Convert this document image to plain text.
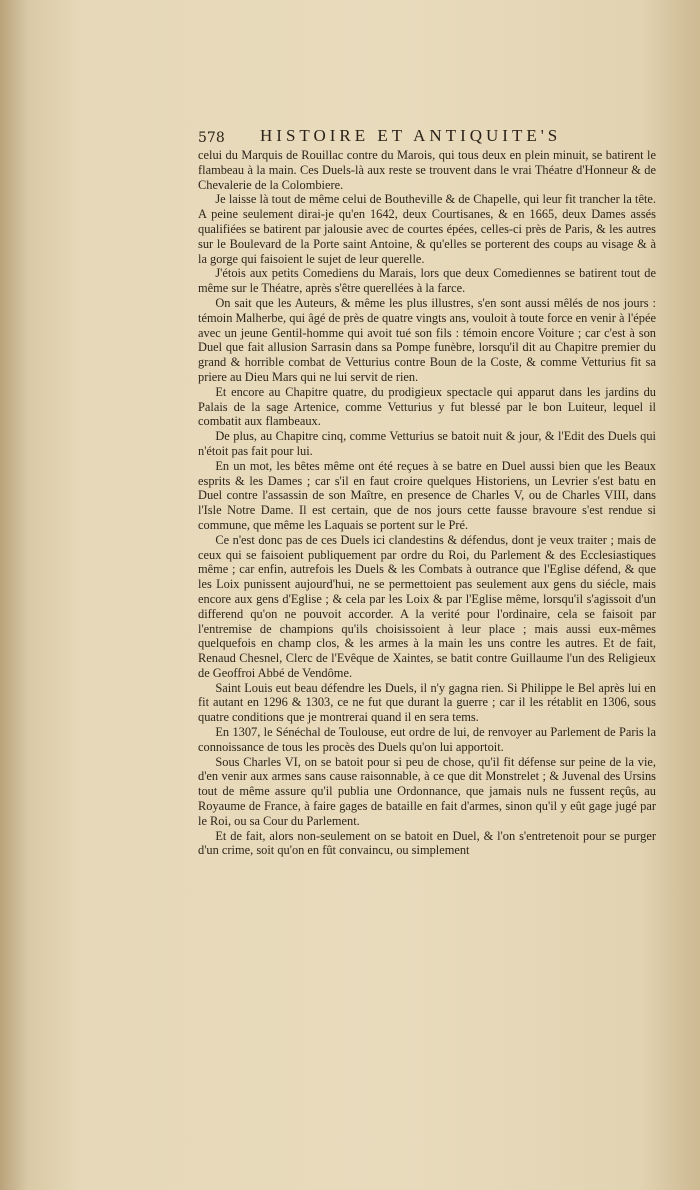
578 HISTOIRE ET ANTIQUITE'S

celui du Marquis de Rouillac contre du Marois, qui tous deux en plein minuit, se batirent le flambeau à la main. Ces Duels-là aux reste se trouvent dans le vrai Théatre d'Honneur & de Chevalerie de la Colombiere.

Je laisse là tout de même celui de Boutheville & de Chapelle, qui leur fit trancher la tête. A peine seulement dirai-je qu'en 1642, deux Courtisanes, & en 1665, deux Dames assés qualifiées se batirent par jalousie avec de courtes épées, celles-ci près de Paris, & les autres sur le Boulevard de la Porte saint Antoine, & qu'elles se porterent des coups au visage & à la gorge qui faisoient le sujet de leur querelle.

J'étois aux petits Comediens du Marais, lors que deux Comediennes se batirent tout de même sur le Théatre, après s'être querellées à la farce.

On sait que les Auteurs, & même les plus illustres, s'en sont aussi mêlés de nos jours : témoin Malherbe, qui âgé de près de quatre vingts ans, vouloit à toute force en venir à l'épée avec un jeune Gentil-homme qui avoit tué son fils : témoin encore Voiture ; car c'est à son Duel que fait allusion Sarrasin dans sa Pompe funèbre, lorsqu'il dit au Chapitre premier du grand & horrible combat de Vetturius contre Boun de la Coste, & comme Vetturius fit sa priere au Dieu Mars qui ne lui servit de rien.

Et encore au Chapitre quatre, du prodigieux spectacle qui apparut dans les jardins du Palais de la sage Artenice, comme Vetturius y fut blessé par le bon Luiteur, lequel il combatit aux flambeaux.

De plus, au Chapitre cinq, comme Vetturius se batoit nuit & jour, & l'Edit des Duels qui n'étoit pas fait pour lui.

En un mot, les bêtes même ont été reçues à se batre en Duel aussi bien que les Beaux esprits & les Dames ; car s'il en faut croire quelques Historiens, un Levrier s'est batu en Duel contre l'assassin de son Maître, en presence de Charles V, ou de Charles VIII, dans l'Isle Notre Dame. Il est certain, que de nos jours cette fausse bravoure s'est rendue si commune, que même les Laquais se portent sur le Pré.

Ce n'est donc pas de ces Duels ici clandestins & défendus, dont je veux traiter ; mais de ceux qui se faisoient publiquement par ordre du Roi, du Parlement & des Ecclesiastiques même ; car enfin, autrefois les Duels & les Combats à outrance que l'Eglise défend, & que les Loix punissent aujourd'hui, ne se permettoient pas seulement aux gens du siécle, mais encore aux gens d'Eglise ; & cela par les Loix & par l'Eglise même, lorsqu'il s'agissoit d'un differend qu'on ne pouvoit accorder. A la verité pour l'ordinaire, cela se faisoit par l'entremise de champions qu'ils choisissoient à leur place ; mais aussi eux-mêmes quelquefois en champ clos, & les armes à la main les uns contre les autres. Et de fait, Renaud Chesnel, Clerc de l'Evêque de Xaintes, se batit contre Guillaume l'un des Religieux de Geoffroi Abbé de Vendôme.

Saint Louis eut beau défendre les Duels, il n'y gagna rien. Si Philippe le Bel après lui en fit autant en 1296 & 1303, ce ne fut que durant la guerre ; car il les rétablit en 1306, sous quatre conditions que je montrerai quand il en sera tems.

En 1307, le Sénéchal de Toulouse, eut ordre de lui, de renvoyer au Parlement de Paris la connoissance de tous les procès des Duels qu'on lui apportoit.

Sous Charles VI, on se batoit pour si peu de chose, qu'il fit défense sur peine de la vie, d'en venir aux armes sans cause raisonnable, à ce que dit Monstrelet ; & Juvenal des Ursins tout de même assure qu'il publia une Ordonnance, que jamais nuls ne fussent reçûs, au Royaume de France, à faire gages de bataille en fait d'armes, sinon qu'il y eût gage jugé par le Roi, ou sa Cour du Parlement.

Et de fait, alors non-seulement on se batoit en Duel, & l'on s'entretenoit pour se purger d'un crime, soit qu'on en fût convaincu, ou simplement
